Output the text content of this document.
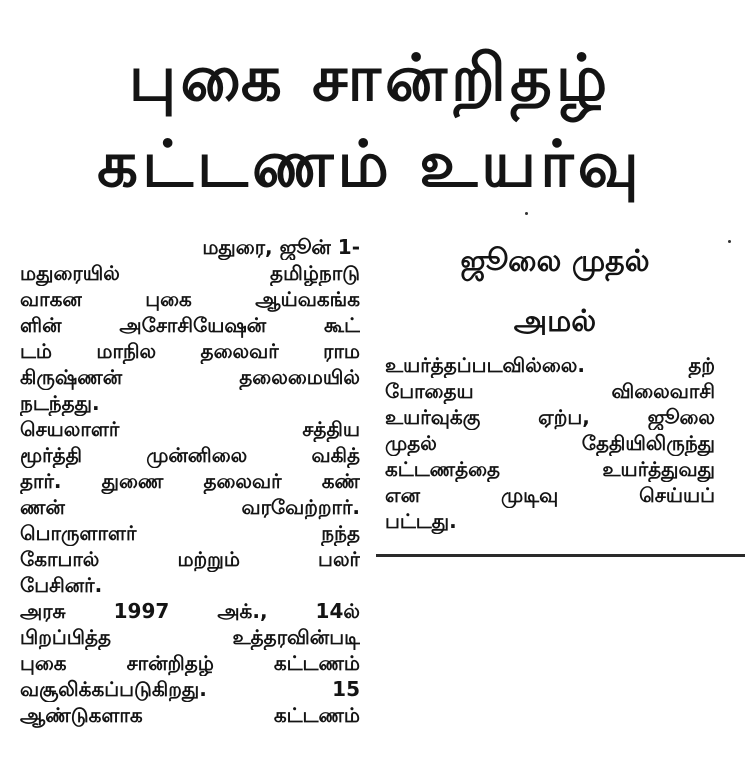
புகை சான்றிதழ்
கட்டணம் உயர்வு
ஜூலை முதல்
அமல்
மதுரை, ஜூன் 1-
மதுரையில் தமிழ்நாடு
வாகன புகை ஆய்வகங்க
ளின் அசோசியேஷன் கூட்
டம் மாநில தலைவர் ராம
கிருஷ்ணன் தலைமையில்
நடந்தது.
செயலாளர் சத்திய
மூர்த்தி முன்னிலை வகித்
தார். துணை தலைவர் கண்
ணன் வரவேற்றார்.
பொருளாளர் நந்த
கோபால் மற்றும் பலர்
பேசினர்.
அரசு 1997 அக்., 14ல்
பிறப்பித்த உத்தரவின்படி
புகை சான்றிதழ் கட்டணம்
வசூலிக்கப்படுகிறது. 15
ஆண்டுகளாக கட்டணம்
உயர்த்தப்படவில்லை. தற்
போதைய விலைவாசி
உயர்வுக்கு ஏற்ப, ஜூலை
முதல் தேதியிலிருந்து
கட்டணத்தை உயர்த்துவது
என முடிவு செய்யப்
பட்டது.
